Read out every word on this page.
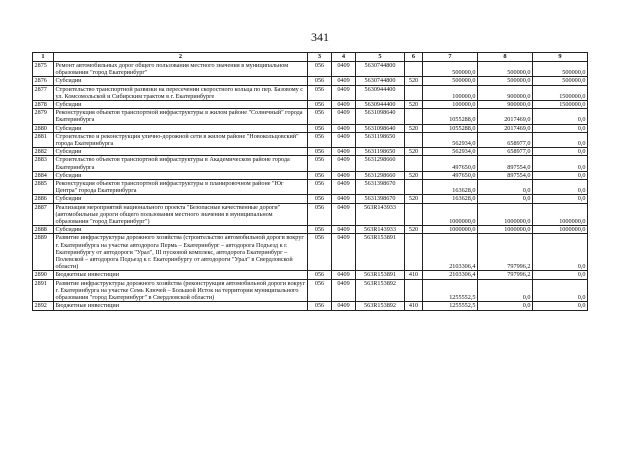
341
1	2	3	4	5	6	7	8	9
2875	Ремонт автомобильных дорог общего пользования местного значения в муниципальном образовании "город Екатеринбург"	056	0409	5630744800		500000,0	500000,0	500000,0
2876	Субсидии	056	0409	5630744800	520	500000,0	500000,0	500000,0
2877	Строительство транспортной развязки на пересечении скоростного кольца по пер. Базовому с ул. Комсомольской и Сибирским трактом в г. Екатеринбурге	056	0409	5630944400		100000,0	900000,0	1500000,0
2878	Субсидии	056	0409	5630944400	520	100000,0	900000,0	1500000,0
2879	Реконструкция объектов транспортной инфраструктуры в жилом районе "Солнечный" города Екатеринбурга	056	0409	5631098640		1055288,0	2017469,0	0,0
2880	Субсидии	056	0409	5631098640	520	1055288,0	2017469,0	0,0
2881	Строительство и реконструкция улично-дорожной сети в жилом районе "Новокольцовский" города Екатеринбурга	056	0409	5631198650		562934,0	658977,0	0,0
2882	Субсидии	056	0409	5631198650	520	562934,0	658977,0	0,0
2883	Строительство объектов транспортной инфраструктуры в Академическом районе города Екатеринбурга	056	0409	5631298660		497650,0	897554,0	0,0
2884	Субсидии	056	0409	5631298660	520	497650,0	897554,0	0,0
2885	Реконструкция объектов транспортной инфраструктуры в планировочном районе "Юг Центра" города Екатеринбурга	056	0409	5631398670		163628,0	0,0	0,0
2886	Субсидии	056	0409	5631398670	520	163628,0	0,0	0,0
2887	Реализация мероприятий национального проекта "Безопасные качественные дороги" (автомобильные дороги общего пользования местного значения в муниципальном образовании "город Екатеринбург")	056	0409	563R143933		1000000,0	1000000,0	1000000,0
2888	Субсидии	056	0409	563R143933	520	1000000,0	1000000,0	1000000,0
2889	Развитие инфраструктуры дорожного хозяйства (строительство автомобильной дороги вокруг г. Екатеринбурга на участке автодорога Пермь – Екатеринбург – автодорога Подъезд к г. Екатеринбургу от автодороги "Урал", III пусковой комплекс, автодорога Екатеринбург – Полевской – автодорога Подъезд к г. Екатеринбургу от автодороги "Урал" в Свердловской области)	056	0409	563R153891		2103306,4	797996,2	0,0
2890	Бюджетные инвестиции	056	0409	563R153891	410	2103306,4	797996,2	0,0
2891	Развитие инфраструктуры дорожного хозяйства (реконструкция автомобильной дороги вокруг г. Екатеринбурга на участке Семь Ключей – Большой Исток на территории муниципального образования "город Екатеринбург" в Свердловской области)	056	0409	563R153892		1255552,5	0,0	0,0
2892	Бюджетные инвестиции	056	0409	563R153892	410	1255552,5	0,0	0,0
